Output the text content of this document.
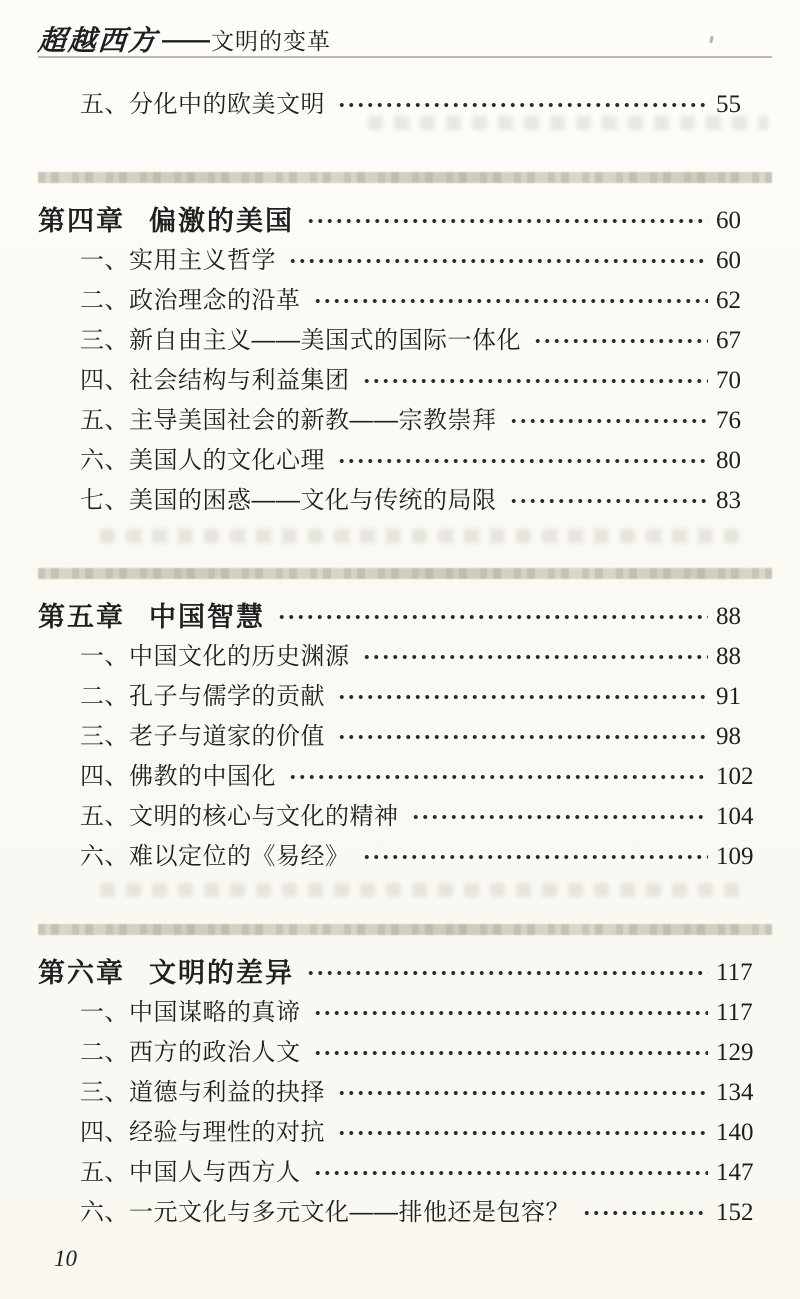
超越西方 —— 文明的变革
五、分化中的欧美文明	55
第四章 偏激的美国	60
一、实用主义哲学	60
二、政治理念的沿革	62
三、新自由主义——美国式的国际一体化	67
四、社会结构与利益集团	70
五、主导美国社会的新教——宗教崇拜	76
六、美国人的文化心理	80
七、美国的困惑——文化与传统的局限	83
第五章 中国智慧	88
一、中国文化的历史渊源	88
二、孔子与儒学的贡献	91
三、老子与道家的价值	98
四、佛教的中国化	102
五、文明的核心与文化的精神	104
六、难以定位的《易经》	109
第六章 文明的差异	117
一、中国谋略的真谛	117
二、西方的政治人文	129
三、道德与利益的抉择	134
四、经验与理性的对抗	140
五、中国人与西方人	147
六、一元文化与多元文化——排他还是包容？	152
10
